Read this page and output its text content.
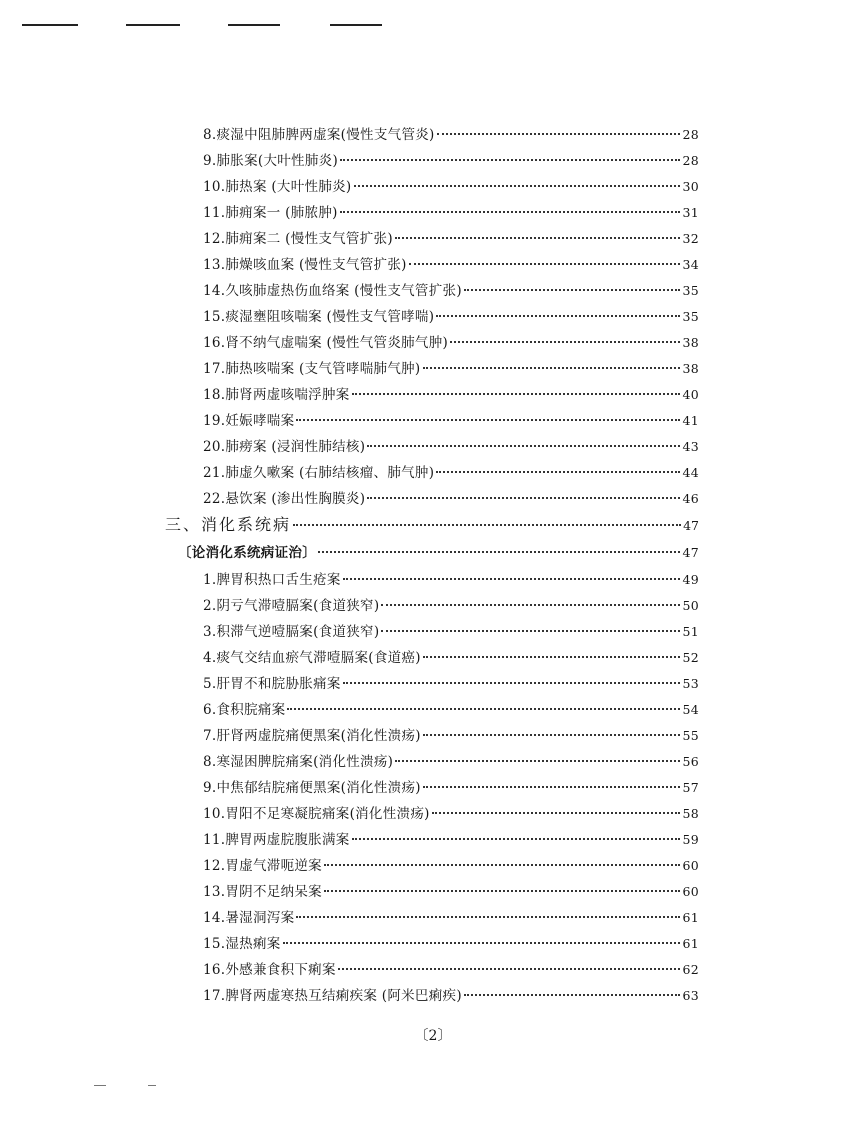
8.痰湿中阻肺脾两虚案(慢性支气管炎)	28
9.肺胀案(大叶性肺炎)	28
10.肺热案 (大叶性肺炎)	30
11.肺痈案一 (肺脓肿)	31
12.肺痈案二 (慢性支气管扩张)	32
13.肺燥咳血案 (慢性支气管扩张)	34
14.久咳肺虚热伤血络案 (慢性支气管扩张)	35
15.痰湿壅阻咳喘案 (慢性支气管哮喘)	35
16.肾不纳气虚喘案 (慢性气管炎肺气肿)	38
17.肺热咳喘案 (支气管哮喘肺气肿)	38
18.肺肾两虚咳喘浮肿案	40
19.妊娠哮喘案	41
20.肺痨案 (浸润性肺结核)	43
21.肺虚久嗽案 (右肺结核瘤、肺气肿)	44
22.悬饮案 (渗出性胸膜炎)	46
三、消化系统病	47
〔论消化系统病证治〕	47
1.脾胃积热口舌生疮案	49
2.阴亏气滞噎膈案(食道狭窄)	50
3.积滞气逆噎膈案(食道狭窄)	51
4.痰气交结血瘀气滞噎膈案(食道癌)	52
5.肝胃不和脘胁胀痛案	53
6.食积脘痛案	54
7.肝肾两虚脘痛便黑案(消化性溃疡)	55
8.寒湿困脾脘痛案(消化性溃疡)	56
9.中焦郁结脘痛便黑案(消化性溃疡)	57
10.胃阳不足寒凝脘痛案(消化性溃疡)	58
11.脾胃两虚脘腹胀满案	59
12.胃虚气滞呃逆案	60
13.胃阴不足纳呆案	60
14.暑湿洞泻案	61
15.湿热痢案	61
16.外感兼食积下痢案	62
17.脾肾两虚寒热互结痢疾案 (阿米巴痢疾)	63
〔2〕
